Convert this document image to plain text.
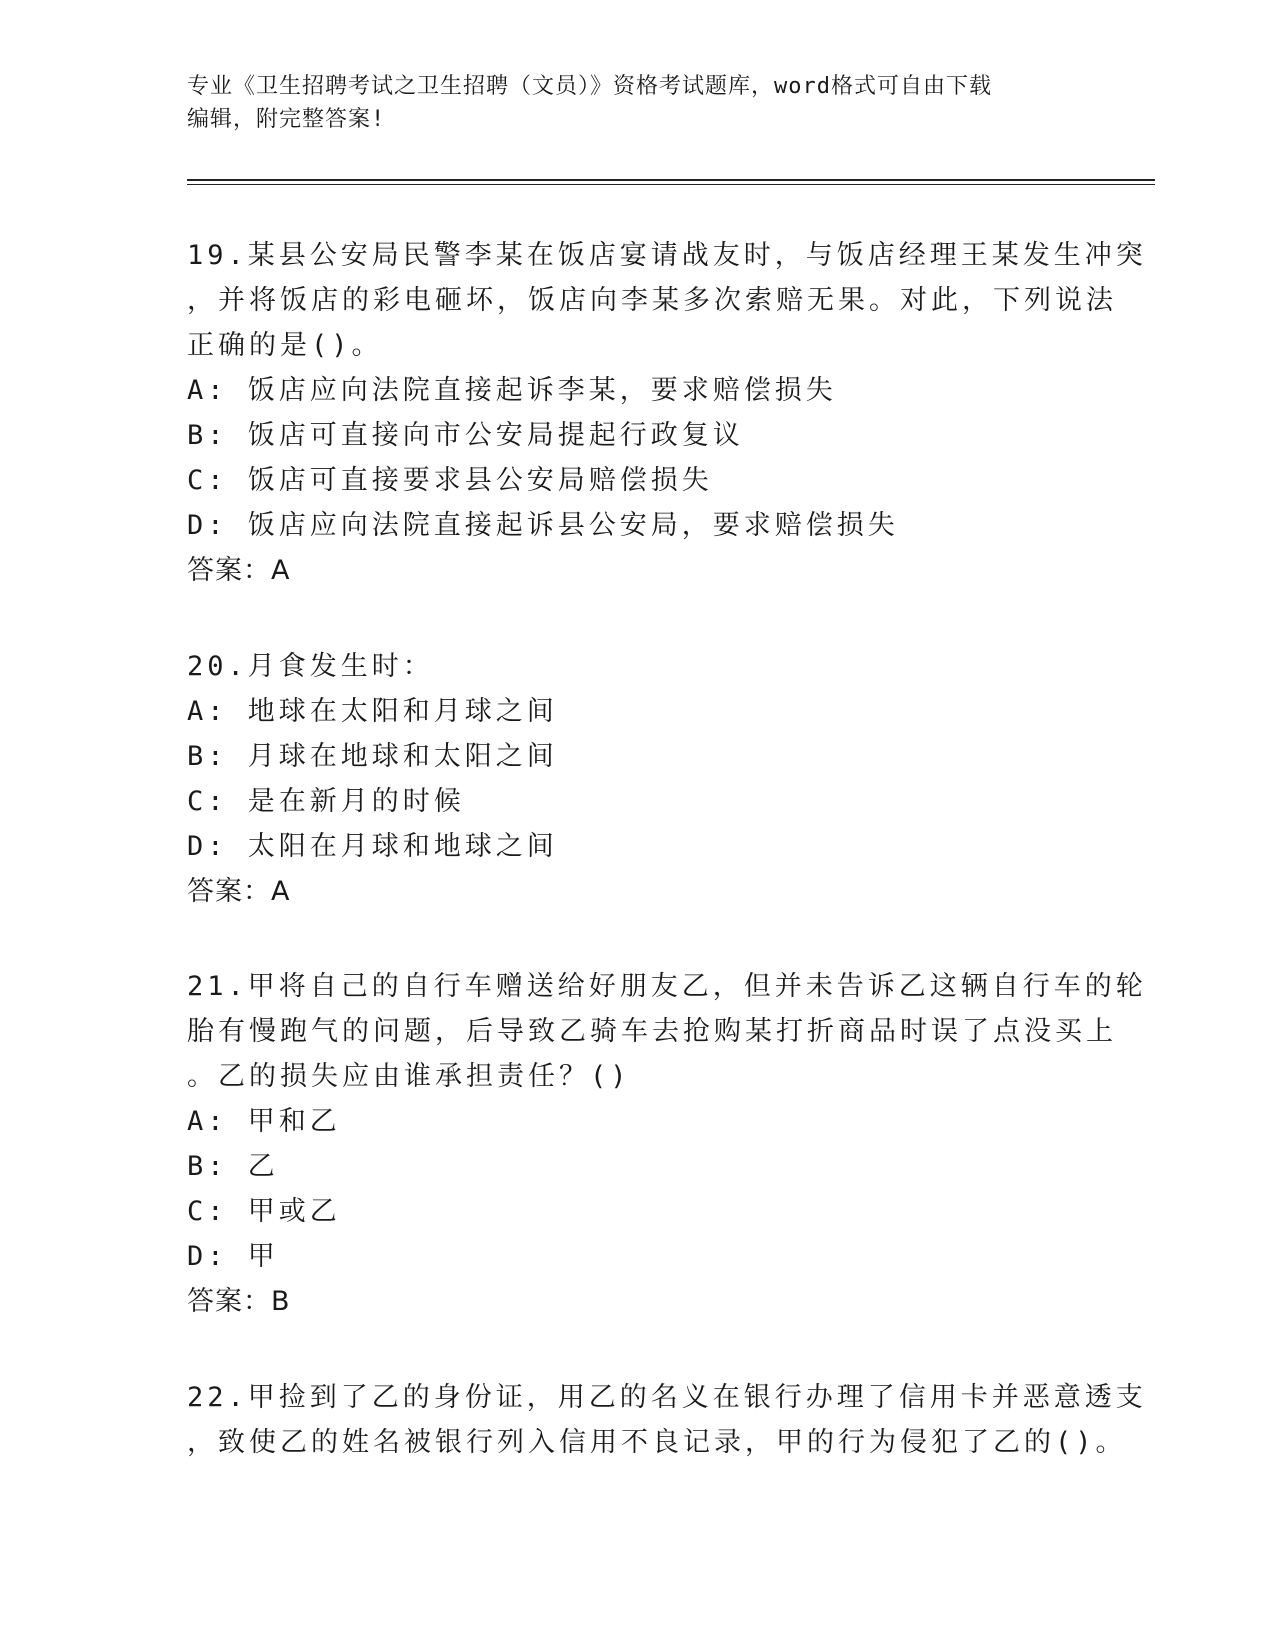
专业《卫生招聘考试之卫生招聘（文员）》资格考试题库，word格式可自由下载
编辑，附完整答案!
19.某县公安局民警李某在饭店宴请战友时，与饭店经理王某发生冲突
，并将饭店的彩电砸坏，饭店向李某多次索赔无果。对此，下列说法
正确的是()。
A: 饭店应向法院直接起诉李某，要求赔偿损失
B: 饭店可直接向市公安局提起行政复议
C: 饭店可直接要求县公安局赔偿损失
D: 饭店应向法院直接起诉县公安局，要求赔偿损失
答案：A
20.月食发生时：
A: 地球在太阳和月球之间
B: 月球在地球和太阳之间
C: 是在新月的时候
D: 太阳在月球和地球之间
答案：A
21.甲将自己的自行车赠送给好朋友乙，但并未告诉乙这辆自行车的轮
胎有慢跑气的问题，后导致乙骑车去抢购某打折商品时误了点没买上
。乙的损失应由谁承担责任？()
A: 甲和乙
B: 乙
C: 甲或乙
D: 甲
答案：B
22.甲捡到了乙的身份证，用乙的名义在银行办理了信用卡并恶意透支
，致使乙的姓名被银行列入信用不良记录，甲的行为侵犯了乙的()。
